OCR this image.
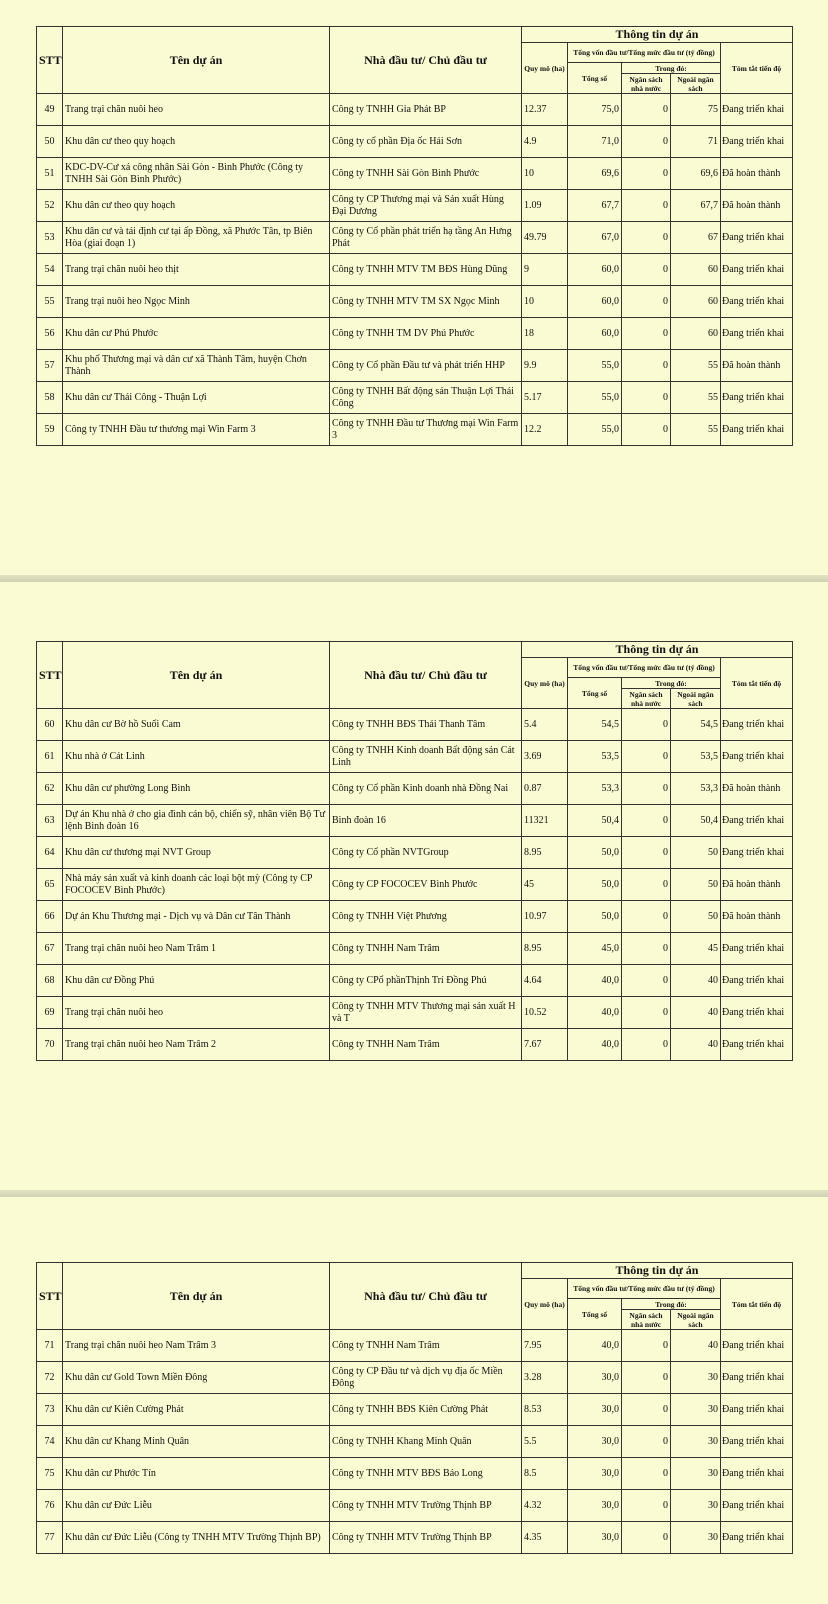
STT	Tên dự án	Nhà đầu tư/ Chủ đầu tư	Thông tin dự án				
			Quy mô (ha)	Tổng vốn đầu tư/Tổng mức đầu tư (tỷ đồng)			Tóm tắt tiến độ
				Tổng số	Trong đó:		
					Ngân sách nhà nước	Ngoài ngân sách	
49	Trang trại chăn nuôi heo	Công ty TNHH Gia Phát BP	12.37	75,0	0	75	Đang triển khai
50	Khu dân cư theo quy hoạch	Công ty cổ phần Địa ốc Hải Sơn	4.9	71,0	0	71	Đang triển khai
51	KDC-DV-Cư xá công nhân Sài Gòn - Bình Phước (Công ty TNHH Sài Gòn Bình Phước)	Công ty TNHH Sài Gòn Bình Phước	10	69,6	0	69,6	Đã hoàn thành
52	Khu dân cư theo quy hoạch	Công ty CP Thương mại và Sản xuất Hùng Đại Dương	1.09	67,7	0	67,7	Đã hoàn thành
53	Khu dân cư và tái định cư tại ấp Đồng, xã Phước Tân, tp Biên Hòa (giai đoạn 1)	Công ty Cổ phần phát triển hạ tầng An Hưng Phát	49.79	67,0	0	67	Đang triển khai
54	Trang trại chăn nuôi heo thịt	Công ty TNHH MTV TM BĐS Hùng Dũng	9	60,0	0	60	Đang triển khai
55	Trang trại nuôi heo Ngọc Minh	Công ty TNHH MTV TM SX Ngọc Minh	10	60,0	0	60	Đang triển khai
56	Khu dân cư Phú Phước	Công ty TNHH TM DV Phú Phước	18	60,0	0	60	Đang triển khai
57	Khu phố Thương mại và dân cư xã Thành Tâm, huyện Chơn Thành	Công ty Cổ phần Đầu tư và phát triển HHP	9.9	55,0	0	55	Đã hoàn thành
58	Khu dân cư Thái Công - Thuận Lợi	Công ty TNHH Bất động sản Thuận Lợi Thái Công	5.17	55,0	0	55	Đang triển khai
59	Công ty TNHH Đầu tư thương mại Win Farm 3	Công ty TNHH Đầu tư Thương mại Win Farm 3	12.2	55,0	0	55	Đang triển khai
STT	Tên dự án	Nhà đầu tư/ Chủ đầu tư	Thông tin dự án				
			Quy mô (ha)	Tổng vốn đầu tư/Tổng mức đầu tư (tỷ đồng)			Tóm tắt tiến độ
				Tổng số	Trong đó:		
					Ngân sách nhà nước	Ngoài ngân sách	
60	Khu dân cư Bờ hồ Suối Cam	Công ty TNHH BĐS Thái Thanh Tâm	5.4	54,5	0	54,5	Đang triển khai
61	Khu nhà ở Cát Linh	Công ty TNHH Kinh doanh Bất động sản Cát Linh	3.69	53,5	0	53,5	Đang triển khai
62	Khu dân cư phường Long Bình	Công ty Cổ phần Kinh doanh nhà Đồng Nai	0.87	53,3	0	53,3	Đã hoàn thành
63	Dự án Khu nhà ở cho gia đình cán bộ, chiến sỹ, nhân viên Bộ Tư lệnh Binh đoàn 16	Binh đoàn 16	11321	50,4	0	50,4	Đang triển khai
64	Khu dân cư thương mại NVT Group	Công ty Cổ phần NVTGroup	8.95	50,0	0	50	Đang triển khai
65	Nhà máy sản xuất và kinh doanh các loại bột mỳ (Công ty CP FOCOCEV Bình Phước)	Công ty CP FOCOCEV Bình Phước	45	50,0	0	50	Đã hoàn thành
66	Dự án Khu Thương mại - Dịch vụ và Dân cư Tân Thành	Công ty TNHH Việt Phương	10.97	50,0	0	50	Đã hoàn thành
67	Trang trại chăn nuôi heo Nam Trâm 1	Công ty TNHH Nam Trâm	8.95	45,0	0	45	Đang triển khai
68	Khu dân cư Đồng Phú	Công ty CPổ phầnThịnh Trí Đồng Phú	4.64	40,0	0	40	Đang triển khai
69	Trang trại chăn nuôi heo	Công ty TNHH MTV Thương mại sản xuất H và T	10.52	40,0	0	40	Đang triển khai
70	Trang trại chăn nuôi heo Nam Trâm 2	Công ty TNHH Nam Trâm	7.67	40,0	0	40	Đang triển khai
STT	Tên dự án	Nhà đầu tư/ Chủ đầu tư	Thông tin dự án				
			Quy mô (ha)	Tổng vốn đầu tư/Tổng mức đầu tư (tỷ đồng)			Tóm tắt tiến độ
				Tổng số	Trong đó:		
					Ngân sách nhà nước	Ngoài ngân sách	
71	Trang trại chăn nuôi heo Nam Trâm 3	Công ty TNHH Nam Trâm	7.95	40,0	0	40	Đang triển khai
72	Khu dân cư Gold Town Miền Đông	Công ty CP Đầu tư và dịch vụ địa ốc Miền Đông	3.28	30,0	0	30	Đang triển khai
73	Khu dân cư Kiên Cường Phát	Công ty TNHH BĐS Kiên Cường Phát	8.53	30,0	0	30	Đang triển khai
74	Khu dân cư Khang Minh Quân	Công ty TNHH Khang Minh Quân	5.5	30,0	0	30	Đang triển khai
75	Khu dân cư Phước Tín	Công ty TNHH MTV BĐS Bảo Long	8.5	30,0	0	30	Đang triển khai
76	Khu dân cư Đức Liễu	Công ty TNHH MTV Trường Thịnh BP	4.32	30,0	0	30	Đang triển khai
77	Khu dân cư Đức Liễu (Công ty TNHH MTV Trường Thịnh BP)	Công ty TNHH MTV Trường Thịnh BP	4.35	30,0	0	30	Đang triển khai
